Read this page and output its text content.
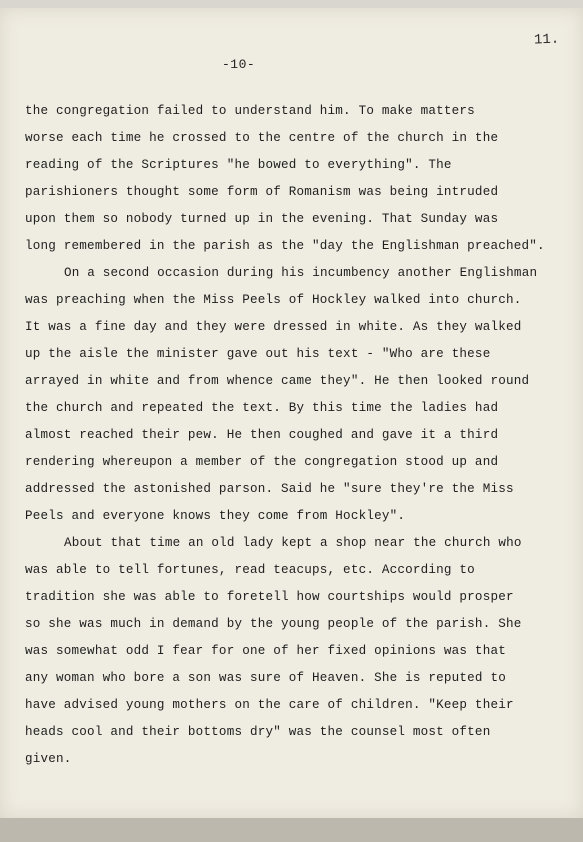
11.
-10-
the congregation failed to understand him. To make matters
worse each time he crossed to the centre of the church in the
reading of the Scriptures "he bowed to everything". The
parishioners thought some form of Romanism was being intruded
upon them so nobody turned up in the evening. That Sunday was
long remembered in the parish as the "day the Englishman preached".
On a second occasion during his incumbency another Englishman
was preaching when the Miss Peels of Hockley walked into church.
It was a fine day and they were dressed in white. As they walked
up the aisle the minister gave out his text - "Who are these
arrayed in white and from whence came they". He then looked round
the church and repeated the text. By this time the ladies had
almost reached their pew. He then coughed and gave it a third
rendering whereupon a member of the congregation stood up and
addressed the astonished parson. Said he "sure they're the Miss
Peels and everyone knows they come from Hockley".
About that time an old lady kept a shop near the church who
was able to tell fortunes, read teacups, etc. According to
tradition she was able to foretell how courtships would prosper
so she was much in demand by the young people of the parish. She
was somewhat odd I fear for one of her fixed opinions was that
any woman who bore a son was sure of Heaven. She is reputed to
have advised young mothers on the care of children. "Keep their
heads cool and their bottoms dry" was the counsel most often
given.
